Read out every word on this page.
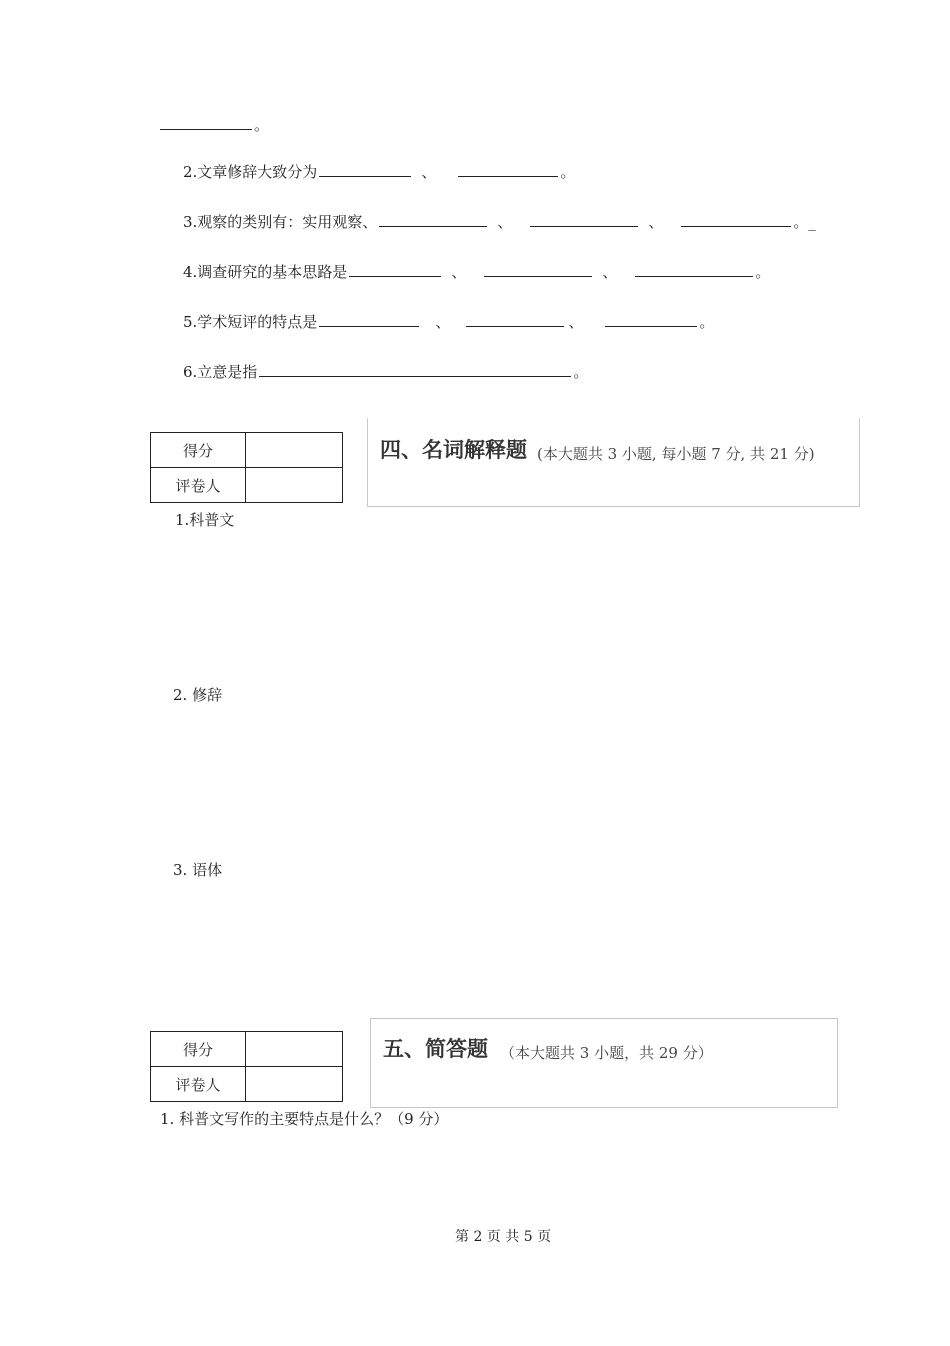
。
2.文章修辞大致分为	、	。
3.观察的类别有：实用观察、	、	、	。_
4.调查研究的基本思路是	、	、	。
5.学术短评的特点是	、	、	。
6.立意是指	。
得分	
评卷人	
四、名词解释题 (本大题共 3 小题, 每小题 7 分, 共 21 分)
1.科普文
2. 修辞
3. 语体
得分	
评卷人	
五、简答题 （本大题共 3 小题，共 29 分）
1. 科普文写作的主要特点是什么？（9 分）
第 2 页 共 5 页
